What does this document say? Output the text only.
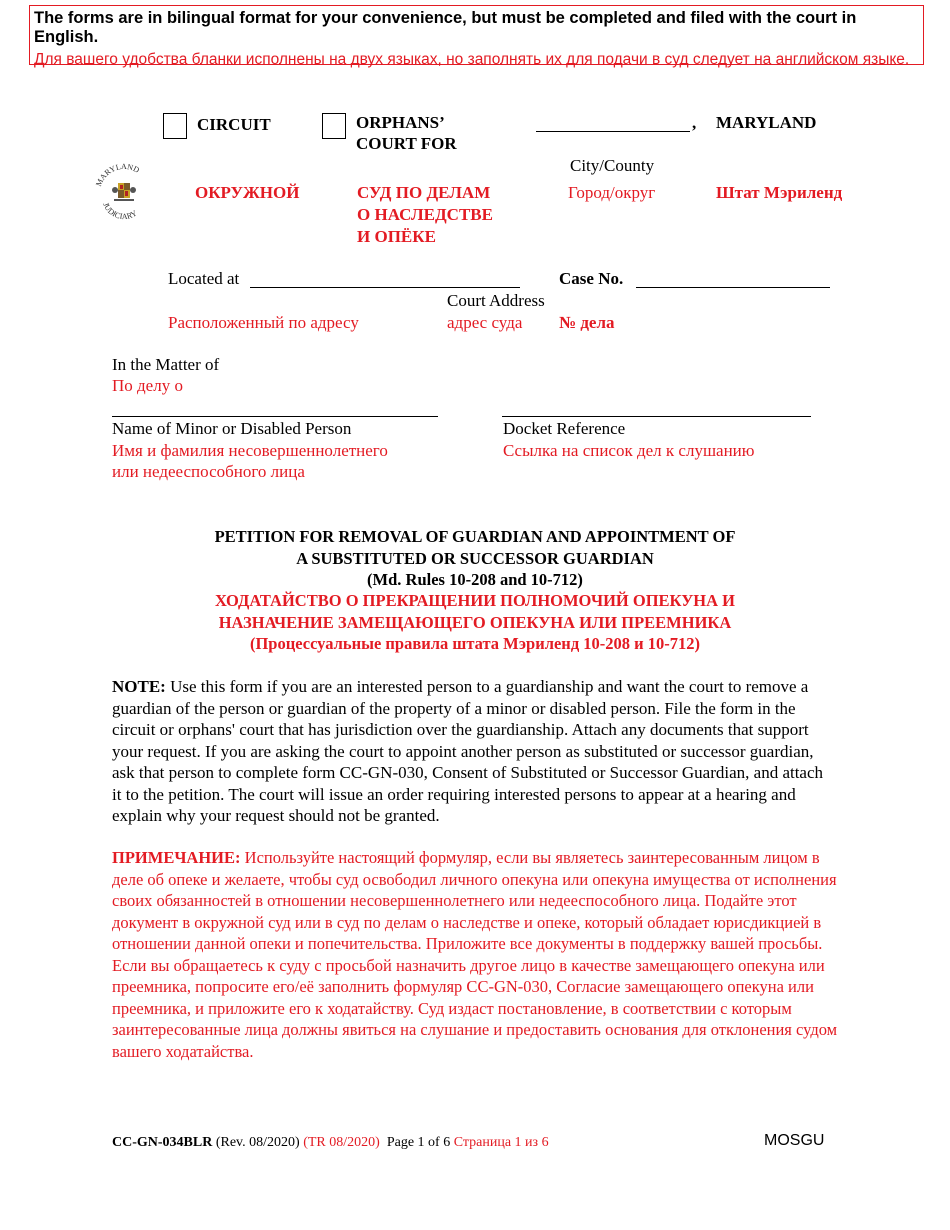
The forms are in bilingual format for your convenience, but must be completed and filed with the court in English.
Для вашего удобства бланки исполнены на двух языках, но заполнять их для подачи в суд следует на английском языке.
CIRCUIT	ORPHANS’
COURT FOR
, MARYLAND
City/County
MARYLAND
JUDICIARY
ОКРУЖНОЙ	СУД ПО ДЕЛАМ
О НАСЛЕДСТВЕ
И ОПЁКЕ
Город/округ	Штат Мэриленд
Located at
Court Address
Case No.
Расположенный по адресу	адрес суда № дела
In the Matter of
По делу о
Name of Minor or Disabled Person
Имя и фамилия несовершеннолетнего
или недееспособного лица
Docket Reference
Ссылка на список дел к слушанию
PETITION FOR REMOVAL OF GUARDIAN AND APPOINTMENT OF
A SUBSTITUTED OR SUCCESSOR GUARDIAN
(Md. Rules 10-208 and 10-712)
ХОДАТАЙСТВО О ПРЕКРАЩЕНИИ ПОЛНОМОЧИЙ ОПЕКУНА И
НАЗНАЧЕНИЕ ЗАМЕЩАЮЩЕГО ОПЕКУНА ИЛИ ПРЕЕМНИКА
(Процессуальные правила штата Мэриленд 10-208 и 10-712)
NOTE: Use this form if you are an interested person to a guardianship and want the court to remove a guardian of the person or guardian of the property of a minor or disabled person. File the form in the circuit or orphans' court that has jurisdiction over the guardianship. Attach any documents that support your request. If you are asking the court to appoint another person as substituted or successor guardian, ask that person to complete form CC-GN-030, Consent of Substituted or Successor Guardian, and attach it to the petition. The court will issue an order requiring interested persons to appear at a hearing and explain why your request should not be granted.
ПРИМЕЧАНИЕ: Используйте настоящий формуляр, если вы являетесь заинтересованным лицом в деле об опеке и желаете, чтобы суд освободил личного опекуна или опекуна имущества от исполнения своих обязанностей в отношении несовершеннолетнего или недееспособного лица. Подайте этот документ в окружной суд или в суд по делам о наследстве и опеке, который обладает юрисдикцией в отношении данной опеки и попечительства. Приложите все документы в поддержку вашей просьбы. Если вы обращаетесь к суду с просьбой назначить другое лицо в качестве замещающего опекуна или преемника, попросите его/её заполнить формуляр CC-GN-030, Согласие замещающего опекуна или преемника, и приложите его к ходатайству. Суд издаст постановление, в соответствии с которым заинтересованные лица должны явиться на слушание и предоставить основания для отклонения судом вашего ходатайства.
CC-GN-034BLR (Rev. 08/2020) (TR 08/2020) Page 1 of 6 Страница 1 из 6	MOSGU
